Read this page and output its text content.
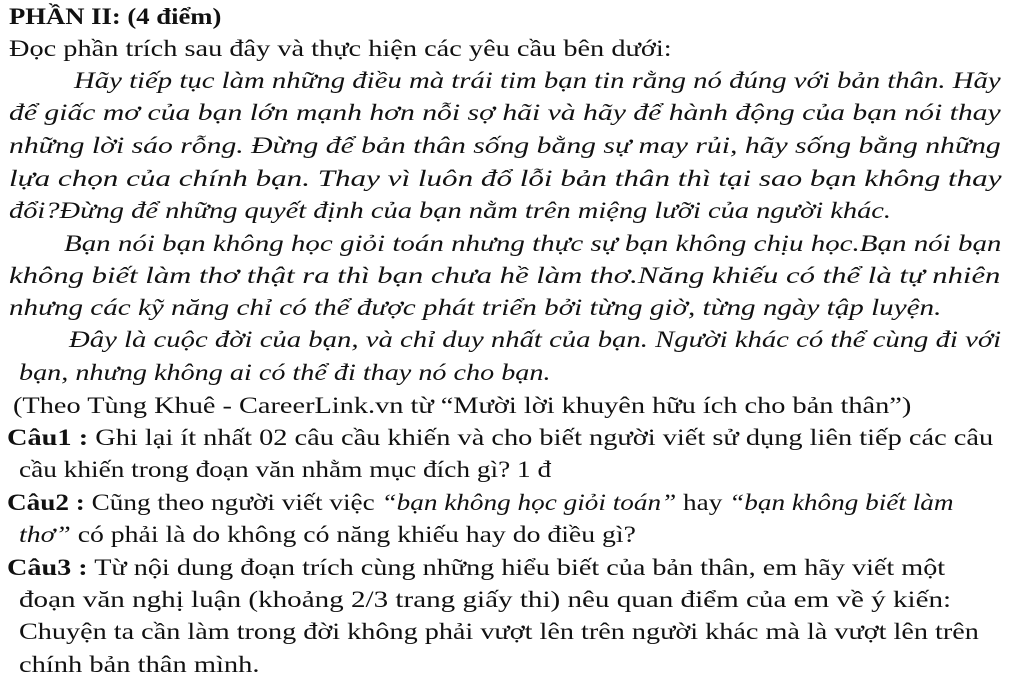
PHẦN II: (4 điểm)
Đọc phần trích sau đây và thực hiện các yêu cầu bên dưới:
Hãy tiếp tục làm những điều mà trái tim bạn tin rằng nó đúng với bản thân. Hãy
để giấc mơ của bạn lớn mạnh hơn nỗi sợ hãi và hãy để hành động của bạn nói thay
những lời sáo rỗng. Đừng để bản thân sống bằng sự may rủi, hãy sống bằng những
lựa chọn của chính bạn. Thay vì luôn đổ lỗi bản thân thì tại sao bạn không thay
đổi?Đừng để những quyết định của bạn nằm trên miệng lưỡi của người khác.
Bạn nói bạn không học giỏi toán nhưng thực sự bạn không chịu học.Bạn nói bạn
không biết làm thơ thật ra thì bạn chưa hề làm thơ.Năng khiếu có thể là tự nhiên
nhưng các kỹ năng chỉ có thể được phát triển bởi từng giờ, từng ngày tập luyện.
Đây là cuộc đời của bạn, và chỉ duy nhất của bạn. Người khác có thể cùng đi với
bạn, nhưng không ai có thể đi thay nó cho bạn.
(Theo Tùng Khuê - CareerLink.vn từ “Mười lời khuyên hữu ích cho bản thân”)
Câu1 : Ghi lại ít nhất 02 câu cầu khiến và cho biết người viết sử dụng liên tiếp các câu
cầu khiến trong đoạn văn nhằm mục đích gì? 1 đ
Câu2 : Cũng theo người viết việc “bạn không học giỏi toán” hay “bạn không biết làm
thơ” có phải là do không có năng khiếu hay do điều gì?
Câu3 : Từ nội dung đoạn trích cùng những hiểu biết của bản thân, em hãy viết một
đoạn văn nghị luận (khoảng 2/3 trang giấy thi) nêu quan điểm của em về ý kiến:
Chuyện ta cần làm trong đời không phải vượt lên trên người khác mà là vượt lên trên
chính bản thân mình.
